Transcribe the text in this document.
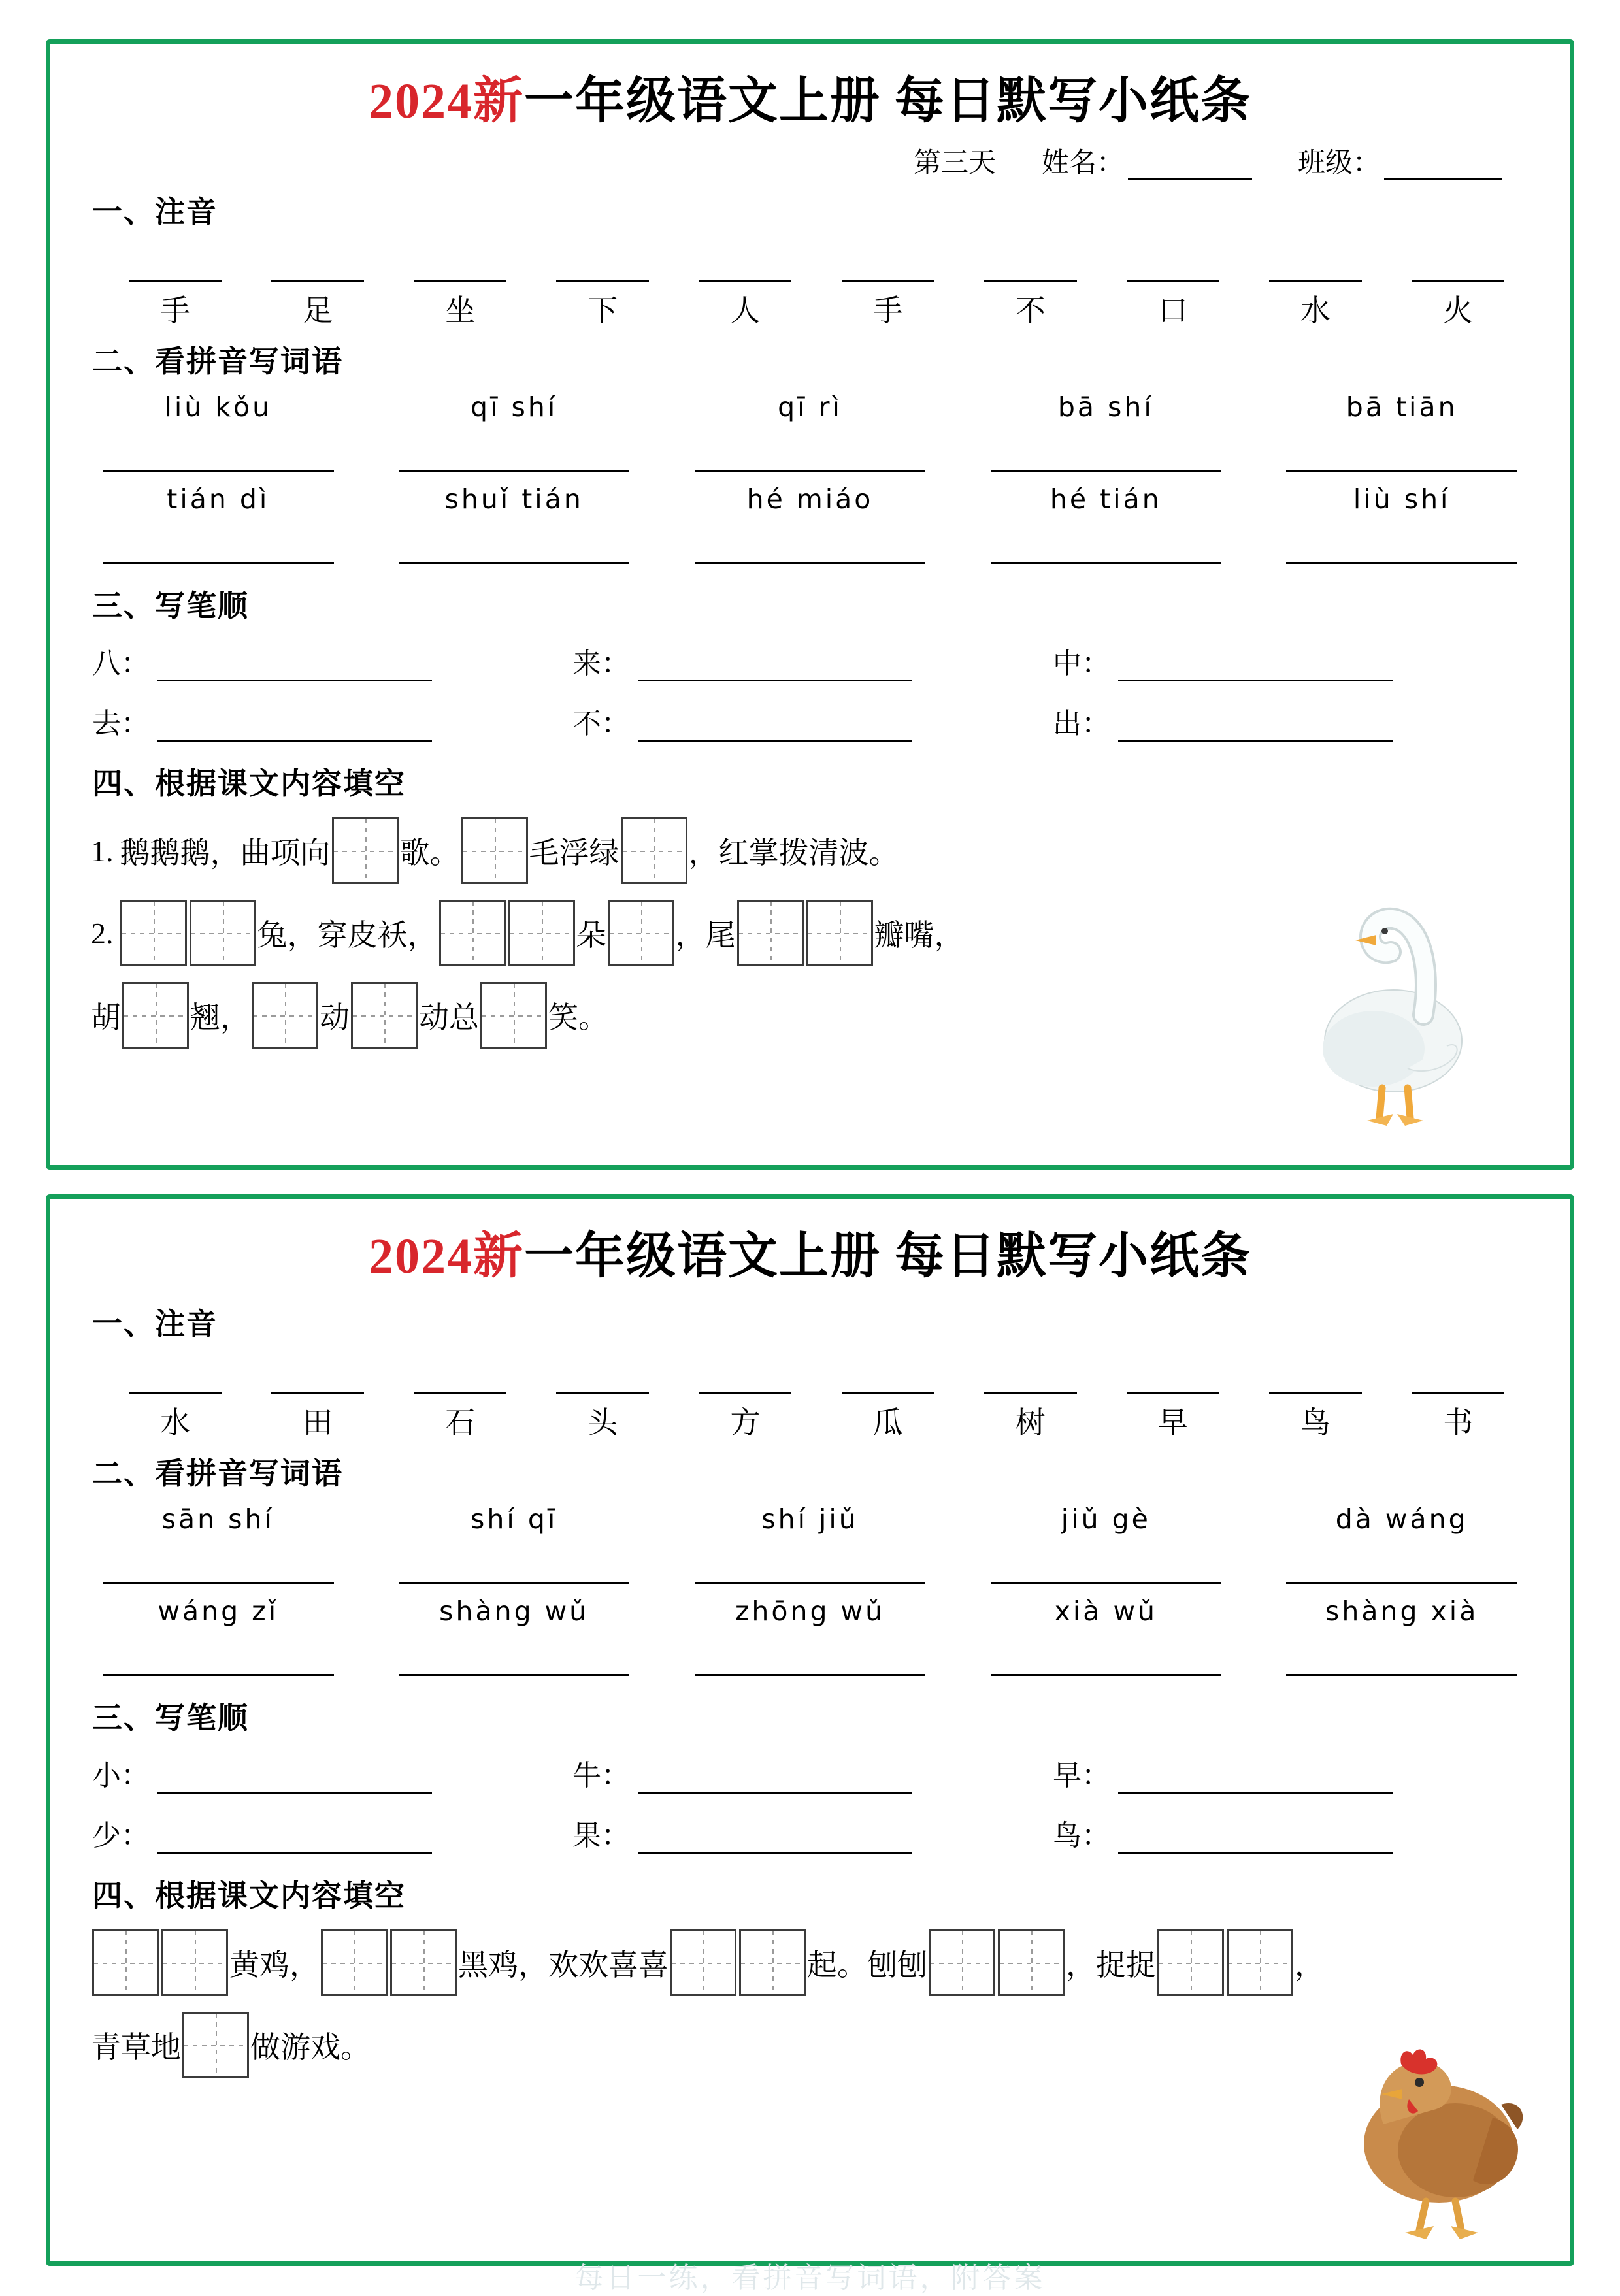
2024新一年级语文上册 每日默写小纸条
第三天 姓名：	班级：
一、注音
手	足	坐	下	人	手	不	口	水	火
二、看拼音写词语
liù kǒu	qī shí	qī rì	bā shí	bā tiān
tián dì	shuǐ tián	hé miáo	hé tián	liù shí
三、写笔顺
八：	来：	中：
去：	不：	出：
四、根据课文内容填空
1. 鹅鹅鹅，曲项向 歌。 毛浮绿 ，红掌拨清波。
2.	兔，穿皮袄，	朵 ，尾	瓣嘴，
胡 翘， 动 动总 笑。
2024新一年级语文上册 每日默写小纸条
一、注音
水	田	石	头	方	瓜	树	早	鸟	书
二、看拼音写词语
sān shí	shí qī	shí jiǔ	jiǔ gè	dà wáng
wáng zǐ	shàng wǔ	zhōng wǔ	xià wǔ	shàng xià
三、写笔顺
小：	牛：	早：
少：	果：	鸟：
四、根据课文内容填空
黄鸡，	黑鸡，欢欢喜喜	起。刨刨	，捉捉	，
青草地 做游戏。
每日一练，看拼音写词语，附答案
